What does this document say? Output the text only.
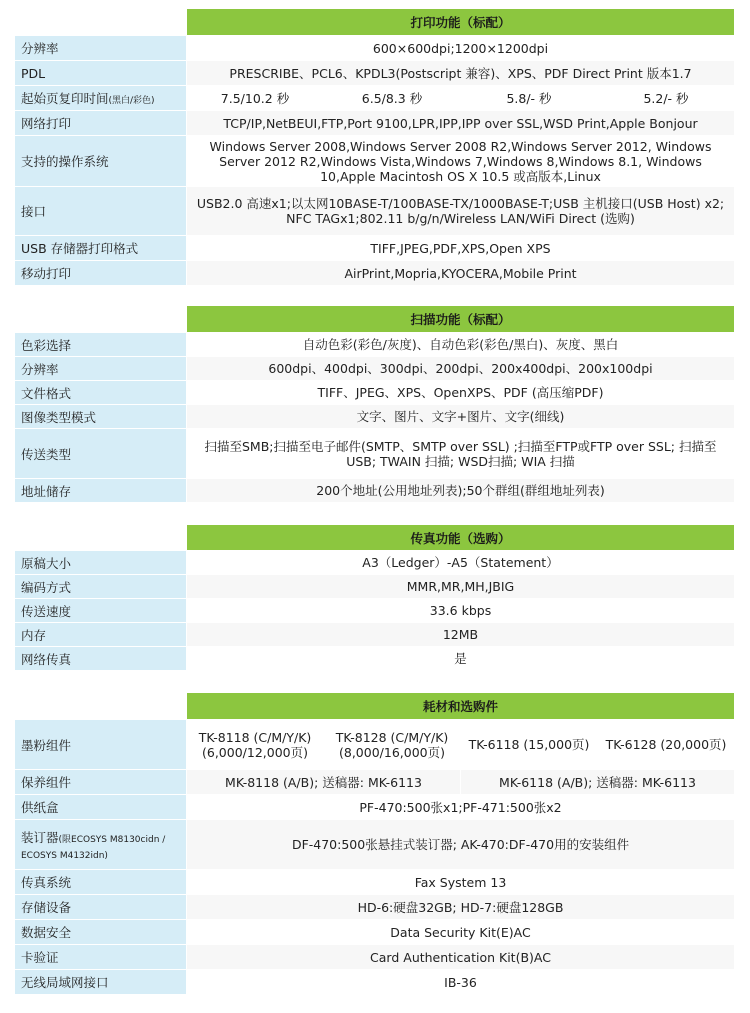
	打印功能（标配）			
分辨率	600×600dpi;1200×1200dpi			
PDL	PRESCRIBE、PCL6、KPDL3(Postscript 兼容)、XPS、PDF Direct Print 版本1.7			
起始页复印时间(黑白/彩色)	7.5/10.2 秒	6.5/8.3 秒	5.8/- 秒	5.2/- 秒
网络打印	TCP/IP,NetBEUI,FTP,Port 9100,LPR,IPP,IPP over SSL,WSD Print,Apple Bonjour			
支持的操作系统	Windows Server 2008,Windows Server 2008 R2,Windows Server 2012, Windows Server 2012 R2,Windows Vista,Windows 7,Windows 8,Windows 8.1, Windows 10,Apple Macintosh OS X 10.5 或高版本,Linux			
接口	USB2.0 高速x1;以太网10BASE-T/100BASE-TX/1000BASE-T;USB 主机接口(USB Host) x2; NFC TAGx1;802.11 b/g/n/Wireless LAN/WiFi Direct (选购)			
USB 存储器打印格式	TIFF,JPEG,PDF,XPS,Open XPS			
移动打印	AirPrint,Mopria,KYOCERA,Mobile Print			
	扫描功能（标配）
色彩选择	自动色彩(彩色/灰度)、自动色彩(彩色/黑白)、灰度、黑白
分辨率	600dpi、400dpi、300dpi、200dpi、200x400dpi、200x100dpi
文件格式	TIFF、JPEG、XPS、OpenXPS、PDF (高压缩PDF)
图像类型模式	文字、图片、文字+图片、文字(细线)
传送类型	扫描至SMB;扫描至电子邮件(SMTP、SMTP over SSL) ;扫描至FTP或FTP over SSL; 扫描至USB; TWAIN 扫描; WSD扫描; WIA 扫描
地址储存	200个地址(公用地址列表);50个群组(群组地址列表)
	传真功能（选购）
原稿大小	A3（Ledger）-A5（Statement）
编码方式	MMR,MR,MH,JBIG
传送速度	33.6 kbps
内存	12MB
网络传真	是
	耗材和选购件			
墨粉组件	TK-8118 (C/M/Y/K) (6,000/12,000页)	TK-8128 (C/M/Y/K) (8,000/16,000页)	TK-6118 (15,000页)	TK-6128 (20,000页)
保养组件	MK-8118 (A/B); 送稿器: MK-6113		MK-6118 (A/B); 送稿器: MK-6113	
供纸盒	PF-470:500张x1;PF-471:500张x2			
装订器(限ECOSYS M8130cidn / ECOSYS M4132idn)	DF-470:500张悬挂式装订器; AK-470:DF-470用的安装组件			
传真系统	Fax System 13			
存储设备	HD-6:硬盘32GB; HD-7:硬盘128GB			
数据安全	Data Security Kit(E)AC			
卡验证	Card Authentication Kit(B)AC			
无线局域网接口	IB-36			
